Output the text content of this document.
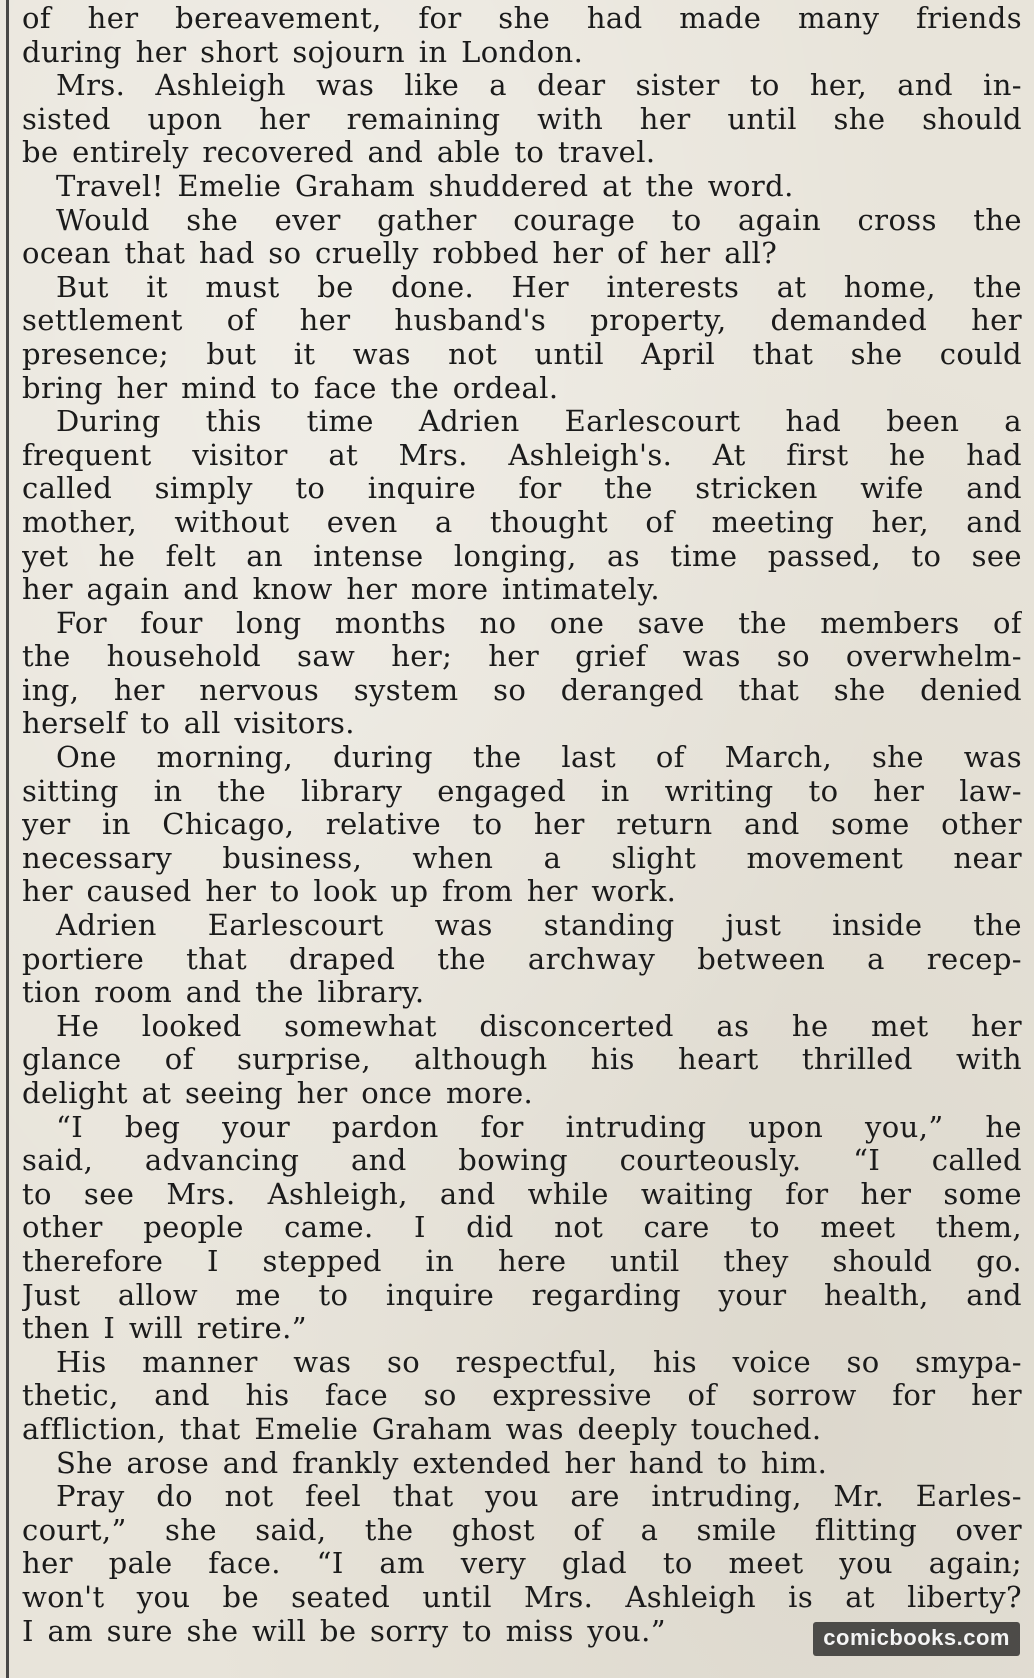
of her bereavement, for she had made many friends
during her short sojourn in London.
Mrs. Ashleigh was like a dear sister to her, and in-
sisted upon her remaining with her until she should
be entirely recovered and able to travel.
Travel! Emelie Graham shuddered at the word.
Would she ever gather courage to again cross the
ocean that had so cruelly robbed her of her all?
But it must be done. Her interests at home, the
settlement of her husband's property, demanded her
presence; but it was not until April that she could
bring her mind to face the ordeal.
During this time Adrien Earlescourt had been a
frequent visitor at Mrs. Ashleigh's. At first he had
called simply to inquire for the stricken wife and
mother, without even a thought of meeting her, and
yet he felt an intense longing, as time passed, to see
her again and know her more intimately.
For four long months no one save the members of
the household saw her; her grief was so overwhelm-
ing, her nervous system so deranged that she denied
herself to all visitors.
One morning, during the last of March, she was
sitting in the library engaged in writing to her law-
yer in Chicago, relative to her return and some other
necessary business, when a slight movement near
her caused her to look up from her work.
Adrien Earlescourt was standing just inside the
portiere that draped the archway between a recep-
tion room and the library.
He looked somewhat disconcerted as he met her
glance of surprise, although his heart thrilled with
delight at seeing her once more.
“I beg your pardon for intruding upon you,” he
said, advancing and bowing courteously. “I called
to see Mrs. Ashleigh, and while waiting for her some
other people came. I did not care to meet them,
therefore I stepped in here until they should go.
Just allow me to inquire regarding your health, and
then I will retire.”
His manner was so respectful, his voice so smypa-
thetic, and his face so expressive of sorrow for her
affliction, that Emelie Graham was deeply touched.
She arose and frankly extended her hand to him.
Pray do not feel that you are intruding, Mr. Earles-
court,” she said, the ghost of a smile flitting over
her pale face. “I am very glad to meet you again;
won't you be seated until Mrs. Ashleigh is at liberty?
I am sure she will be sorry to miss you.”	comicbooks.com
